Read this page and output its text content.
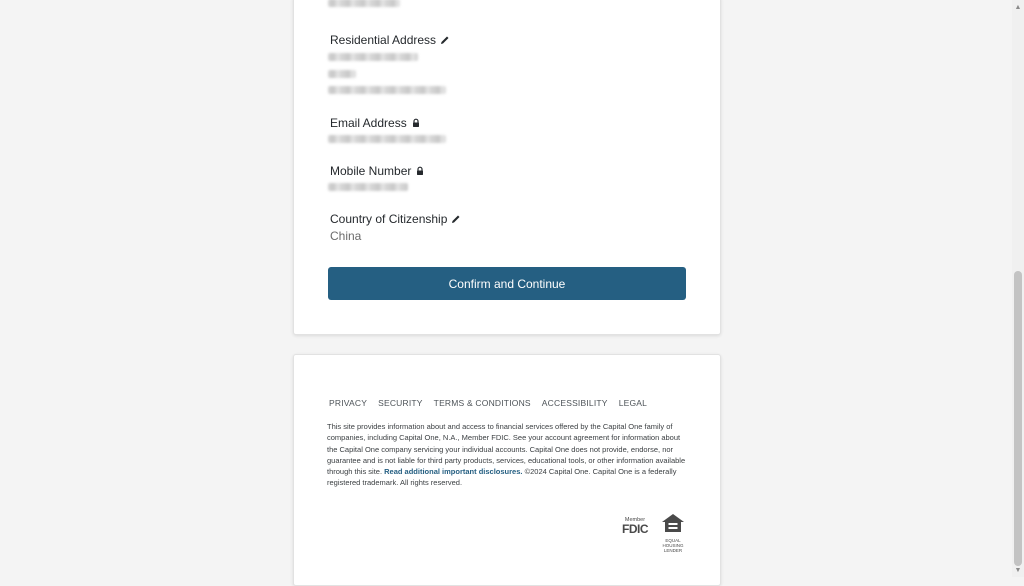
Residential Address
Email Address
Mobile Number
Country of Citizenship
China
Confirm and Continue
PRIVACY SECURITY TERMS & CONDITIONS ACCESSIBILITY LEGAL

This site provides information about and access to financial services offered by the Capital One family of companies, including Capital One, N.A., Member FDIC. See your account agreement for information about the Capital One company servicing your individual accounts. Capital One does not provide, endorse, nor guarantee and is not liable for third party products, services, educational tools, or other information available through this site. Read additional important disclosures. ©2024 Capital One. Capital One is a federally registered trademark. All rights reserved.

Member
FDIC
EQUAL HOUSING LENDER
▲
▼
